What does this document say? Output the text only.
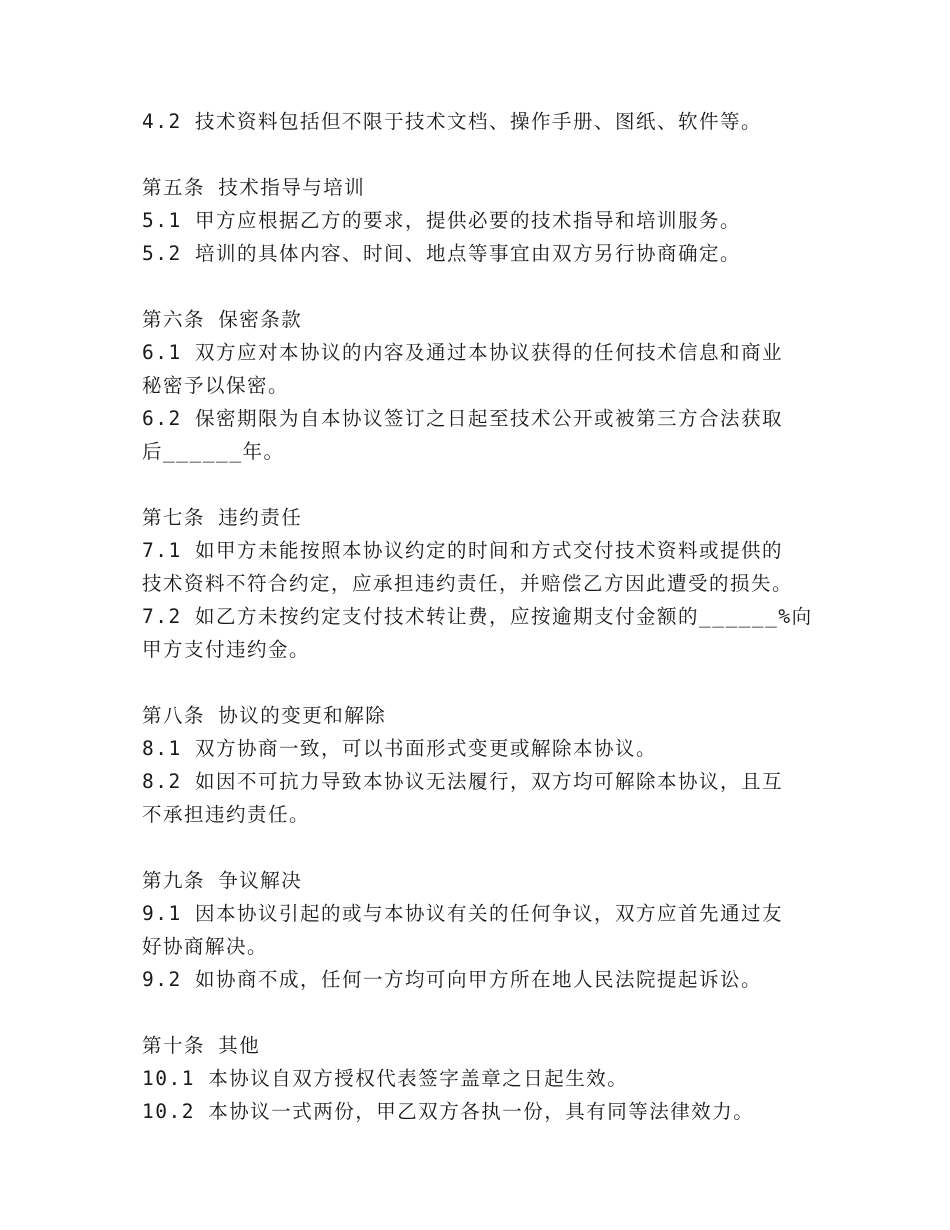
4.2 技术资料包括但不限于技术文档、操作手册、图纸、软件等。
第五条 技术指导与培训
5.1 甲方应根据乙方的要求，提供必要的技术指导和培训服务。
5.2 培训的具体内容、时间、地点等事宜由双方另行协商确定。
第六条 保密条款
6.1 双方应对本协议的内容及通过本协议获得的任何技术信息和商业
秘密予以保密。
6.2 保密期限为自本协议签订之日起至技术公开或被第三方合法获取
后______年。
第七条 违约责任
7.1 如甲方未能按照本协议约定的时间和方式交付技术资料或提供的
技术资料不符合约定，应承担违约责任，并赔偿乙方因此遭受的损失。
7.2 如乙方未按约定支付技术转让费，应按逾期支付金额的______%向
甲方支付违约金。
第八条 协议的变更和解除
8.1 双方协商一致，可以书面形式变更或解除本协议。
8.2 如因不可抗力导致本协议无法履行，双方均可解除本协议，且互
不承担违约责任。
第九条 争议解决
9.1 因本协议引起的或与本协议有关的任何争议，双方应首先通过友
好协商解决。
9.2 如协商不成，任何一方均可向甲方所在地人民法院提起诉讼。
第十条 其他
10.1 本协议自双方授权代表签字盖章之日起生效。
10.2 本协议一式两份，甲乙双方各执一份，具有同等法律效力。
